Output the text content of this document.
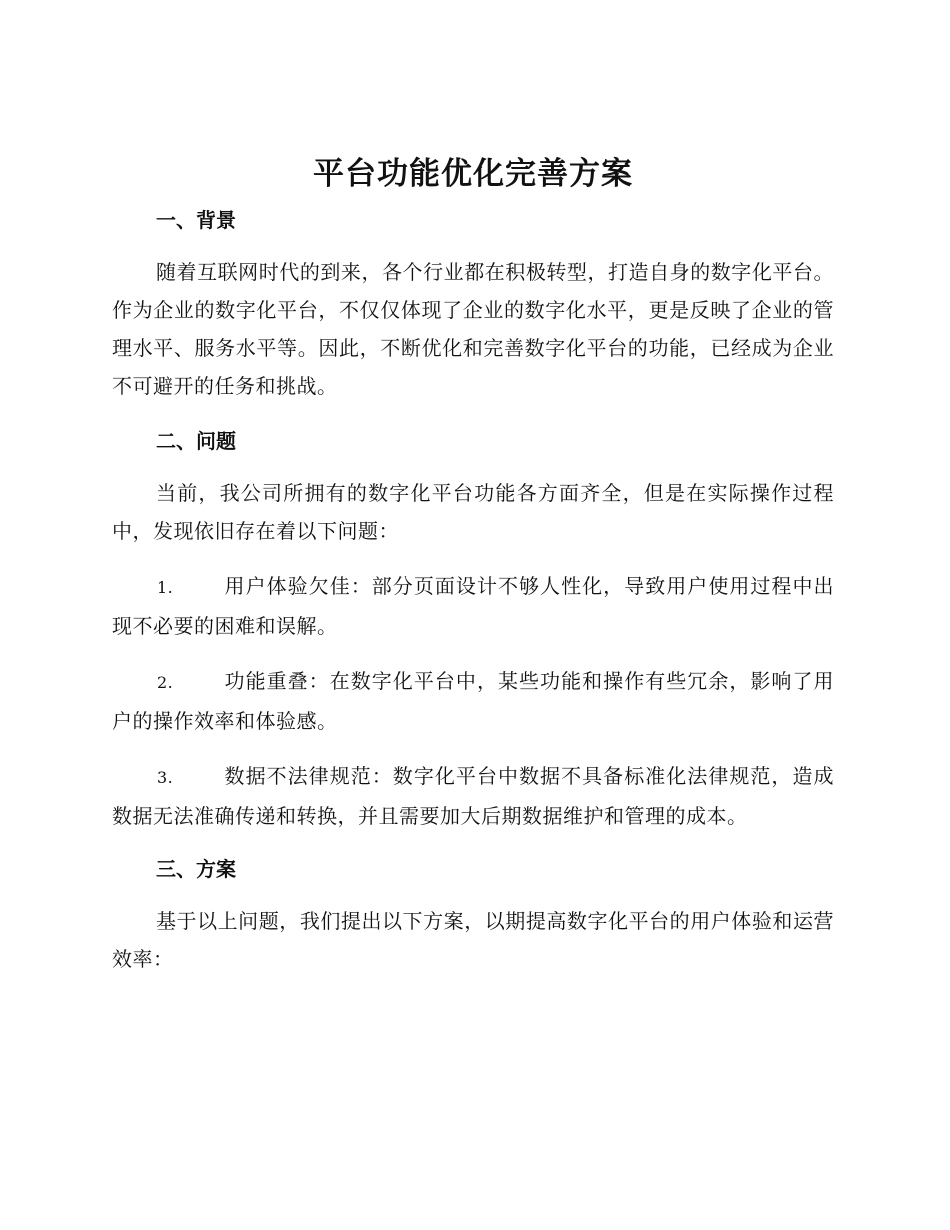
平台功能优化完善方案
一、背景

随着互联网时代的到来，各个行业都在积极转型，打造自身的数字化平台。作为企业的数字化平台，不仅仅体现了企业的数字化水平，更是反映了企业的管理水平、服务水平等。因此，不断优化和完善数字化平台的功能，已经成为企业不可避开的任务和挑战。

二、问题

当前，我公司所拥有的数字化平台功能各方面齐全，但是在实际操作过程中，发现依旧存在着以下问题：

1.	用户体验欠佳：部分页面设计不够人性化，导致用户使用过程中出现不必要的困难和误解。

2.	功能重叠：在数字化平台中，某些功能和操作有些冗余，影响了用户的操作效率和体验感。

3.	数据不法律规范：数字化平台中数据不具备标准化法律规范，造成数据无法准确传递和转换，并且需要加大后期数据维护和管理的成本。

三、方案

基于以上问题，我们提出以下方案，以期提高数字化平台的用户体验和运营效率：
